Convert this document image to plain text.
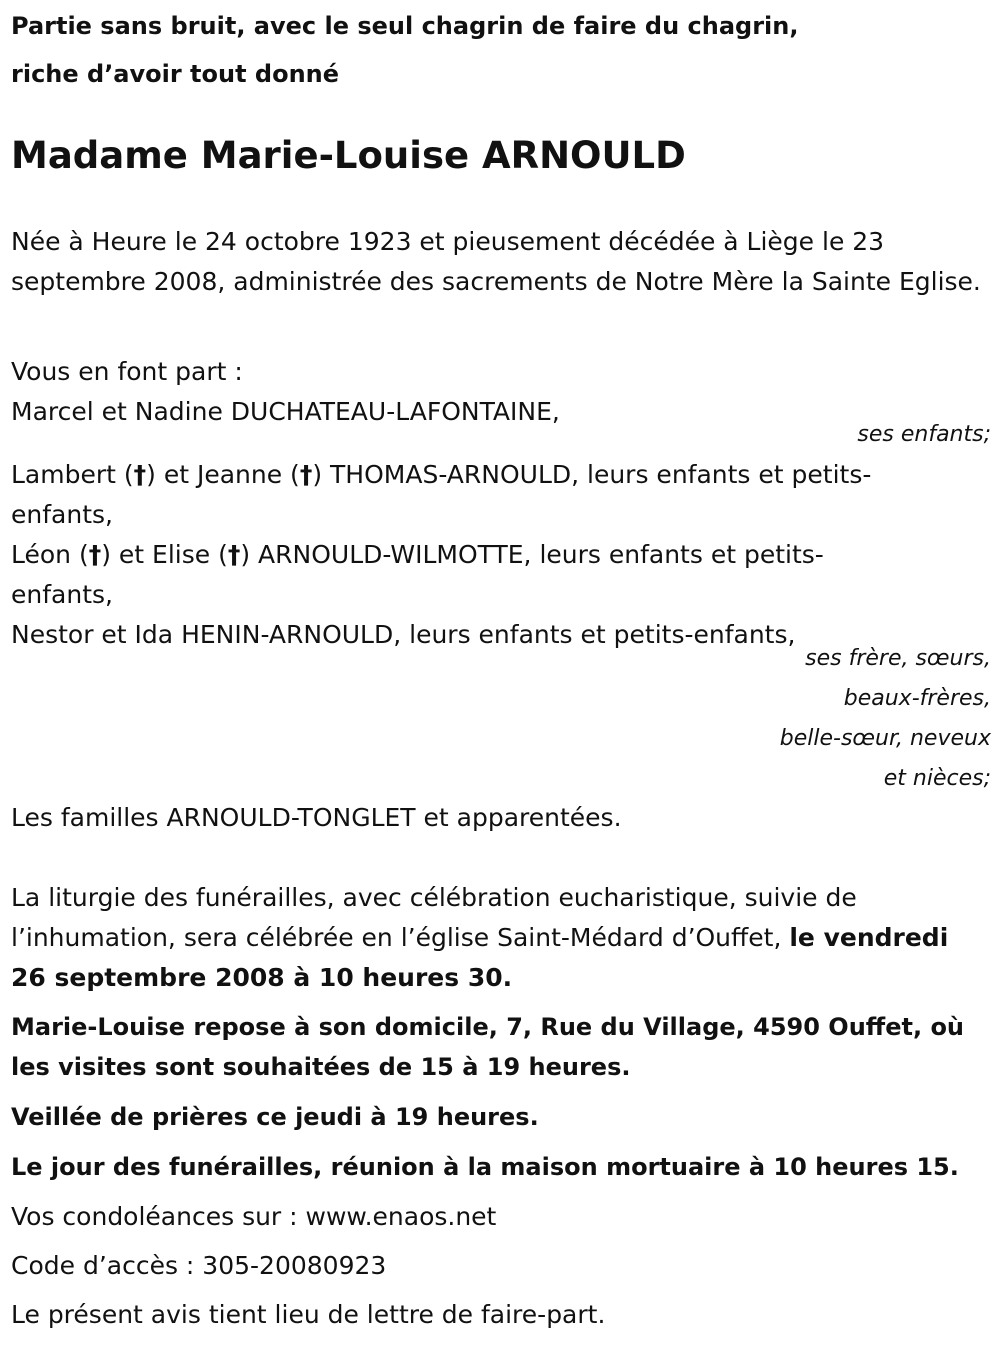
Partie sans bruit, avec le seul chagrin de faire du chagrin,
riche d’avoir tout donné
Madame Marie-Louise ARNOULD
Née à Heure le 24 octobre 1923 et pieusement décédée à Liège le 23 septembre 2008, administrée des sacrements de Notre Mère la Sainte Eglise.
Vous en font part :
Marcel et Nadine DUCHATEAU-LAFONTAINE,
ses enfants;
Lambert (†) et Jeanne (†) THOMAS-ARNOULD, leurs enfants et petits-
enfants,
Léon (†) et Elise (†) ARNOULD-WILMOTTE, leurs enfants et petits-
enfants,
Nestor et Ida HENIN-ARNOULD, leurs enfants et petits-enfants,
ses frère, sœurs,
beaux-frères,
belle-sœur, neveux
et nièces;
Les familles ARNOULD-TONGLET et apparentées.
La liturgie des funérailles, avec célébration eucharistique, suivie de l’inhumation, sera célébrée en l’église Saint-Médard d’Ouffet, le vendredi 26 septembre 2008 à 10 heures 30.
Marie-Louise repose à son domicile, 7, Rue du Village, 4590 Ouffet, où
les visites sont souhaitées de 15 à 19 heures.
Veillée de prières ce jeudi à 19 heures.
Le jour des funérailles, réunion à la maison mortuaire à 10 heures 15.
Vos condoléances sur : www.enaos.net
Code d’accès : 305-20080923
Le présent avis tient lieu de lettre de faire-part.
